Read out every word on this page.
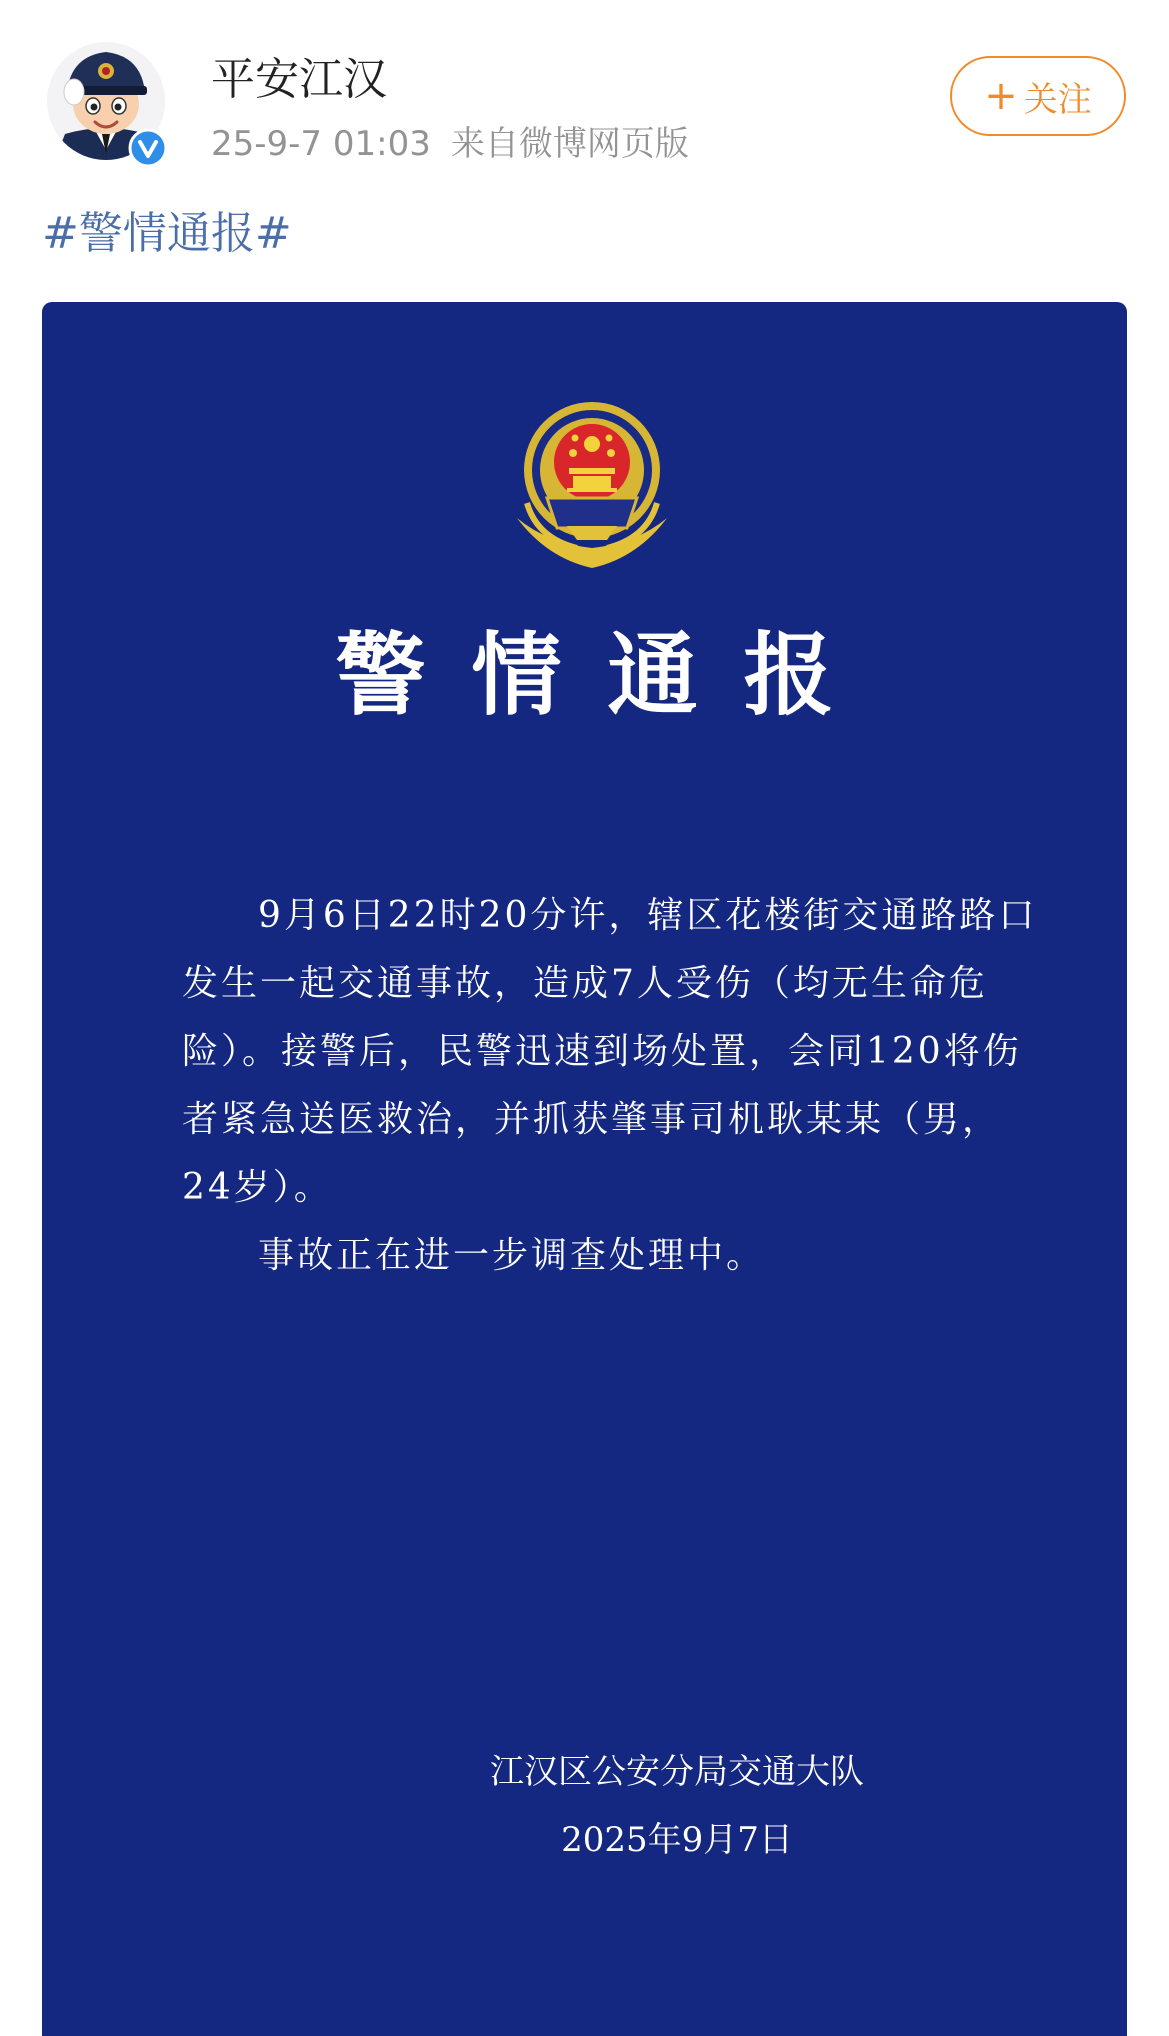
平安江汉
25-9-7 01:03 来自微博网页版
+ 关注
#警情通报#
警情通报

9月6日22时20分许，辖区花楼街交通路路口发生一起交通事故，造成7人受伤（均无生命危险）。接警后，民警迅速到场处置，会同120将伤者紧急送医救治，并抓获肇事司机耿某某（男，24岁）。

事故正在进一步调查处理中。

江汉区公安分局交通大队
2025年9月7日
